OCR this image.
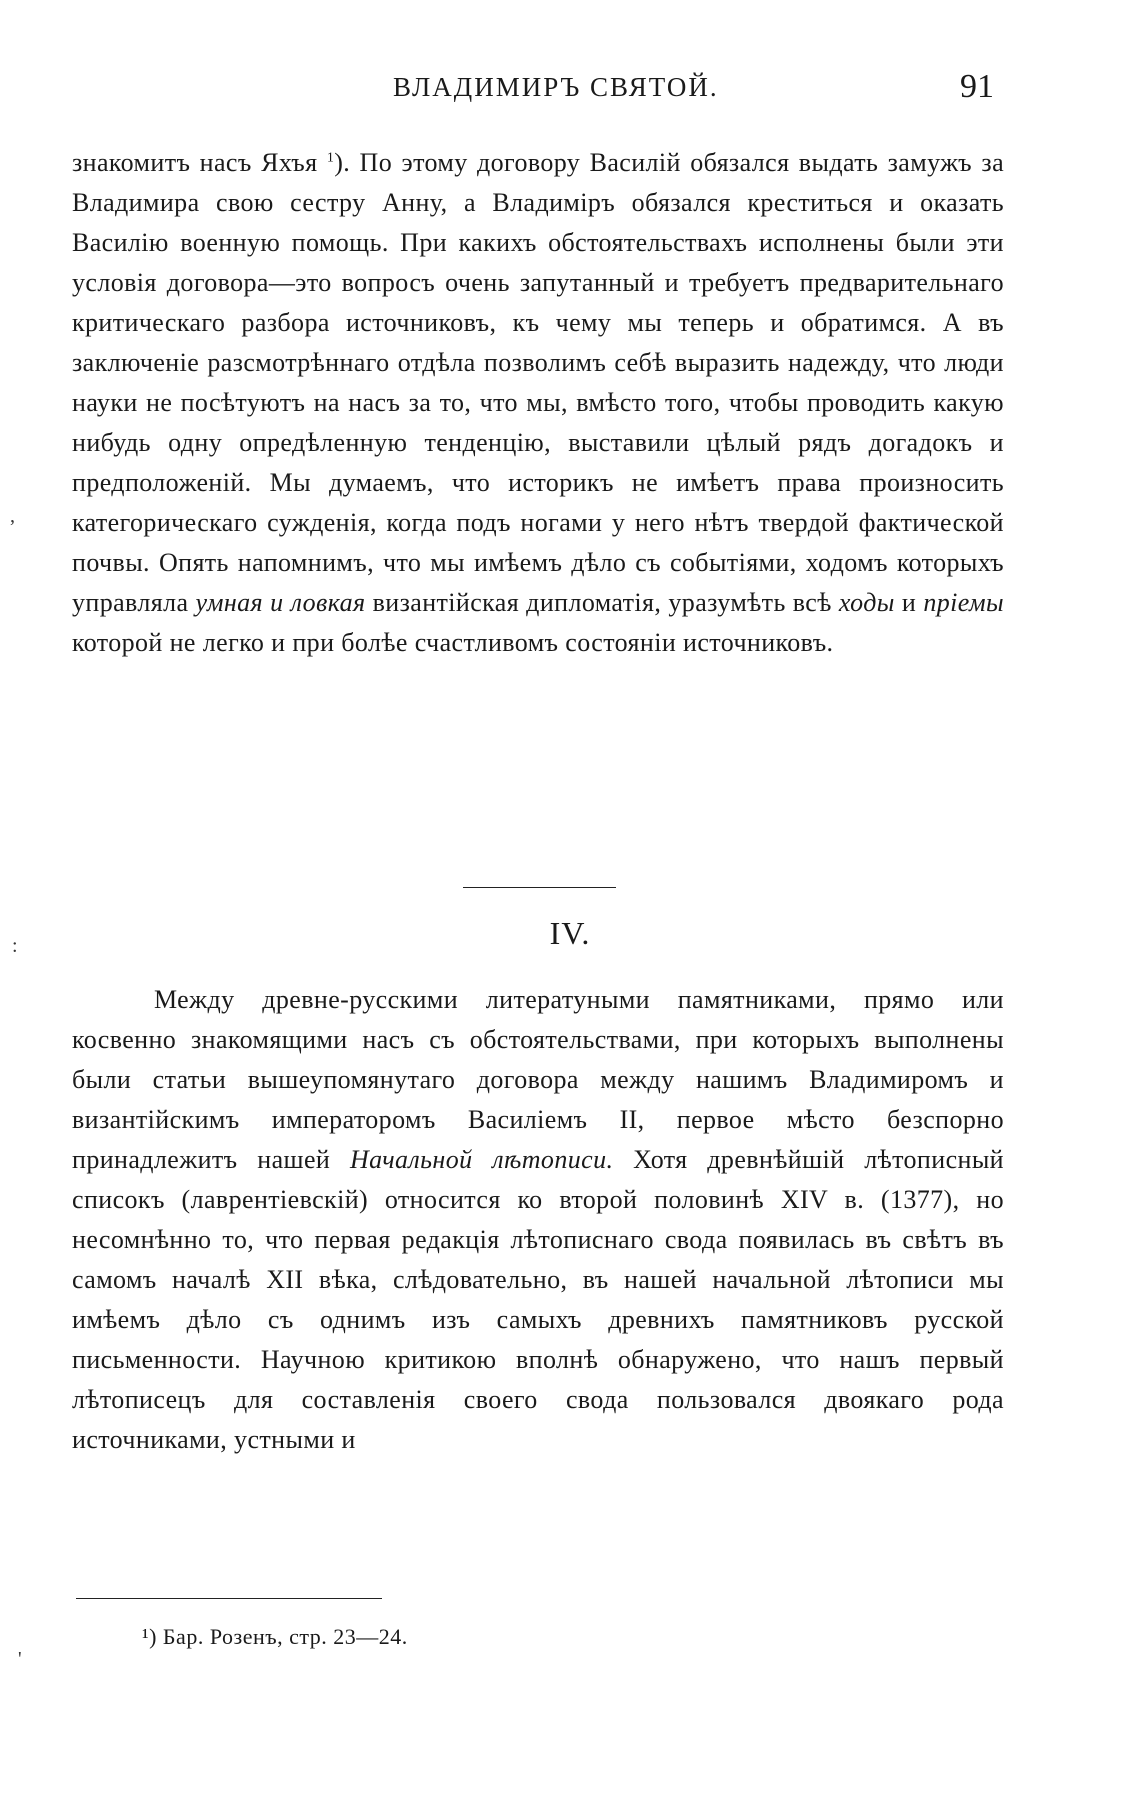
ВЛАДИМИРЪ СВЯТОЙ.	91

знакомитъ насъ Яхъя $^1$). По этому договору Василій обязался выдать замужъ за Владимира свою сестру Анну, а Владиміръ обязался креститься и оказать Василію военную помощь. При какихъ обстоятельствахъ исполнены были эти условія договора—это вопросъ очень запутанный и требуетъ предварительнаго критическаго разбора источниковъ, къ чему мы теперь и обратимся. А въ заключеніе разсмотрѣннаго отдѣла позволимъ себѣ выразить надежду, что люди науки не посѣтуютъ на насъ за то, что мы, вмѣсто того, чтобы проводить какую нибудь одну опредѣленную тенденцію, выставили цѣлый рядъ догадокъ и предположеній. Мы думаемъ, что историкъ не имѣетъ права произносить категорическаго сужденія, когда подъ ногами у него нѣтъ твердой фактической почвы. Опять напомнимъ, что мы имѣемъ дѣло съ событіями, ходомъ которыхъ управляла умная и ловкая византійская дипломатія, уразумѣть всѣ ходы и пріемы которой не легко и при болѣе счастливомъ состояніи источниковъ.

IV.

Между древне-русскими литератуными памятниками, прямо или косвенно знакомящими насъ съ обстоятельствами, при которыхъ выполнены были статьи вышеупомянутаго договора между нашимъ Владимиромъ и византійскимъ императоромъ Василіемъ II, первое мѣсто безспорно принадлежитъ нашей Начальной лѣтописи. Хотя древнѣйшій лѣтописный списокъ (лаврентіевскій) относится ко второй половинѣ XIV в. (1377), но несомнѣнно то, что первая редакція лѣтописнаго свода появилась въ свѣтъ въ самомъ началѣ XII вѣка, слѣдовательно, въ нашей начальной лѣтописи мы имѣемъ дѣло съ однимъ изъ самыхъ древнихъ памятниковъ русской письменности. Научною критикою вполнѣ обнаружено, что нашъ первый лѣтописецъ для составленія своего свода пользовался двоякаго рода источниками, устными и

¹) Бар. Розенъ, стр. 23—24.
,
:
'
